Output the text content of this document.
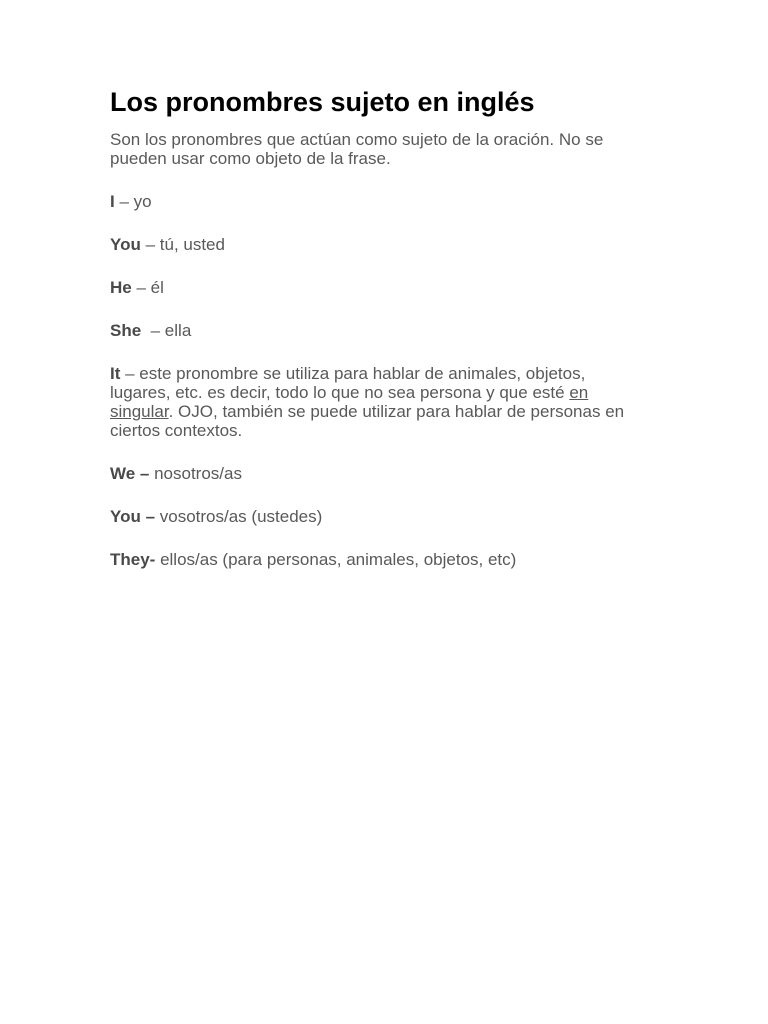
Los pronombres sujeto en inglés

Son los pronombres que actúan como sujeto de la oración. No se pueden usar como objeto de la frase.

I – yo

You – tú, usted

He – él

She  – ella

It – este pronombre se utiliza para hablar de animales, objetos, lugares, etc. es decir, todo lo que no sea persona y que esté en singular. OJO, también se puede utilizar para hablar de personas en ciertos contextos.

We – nosotros/as

You – vosotros/as (ustedes)

They- ellos/as (para personas, animales, objetos, etc)
